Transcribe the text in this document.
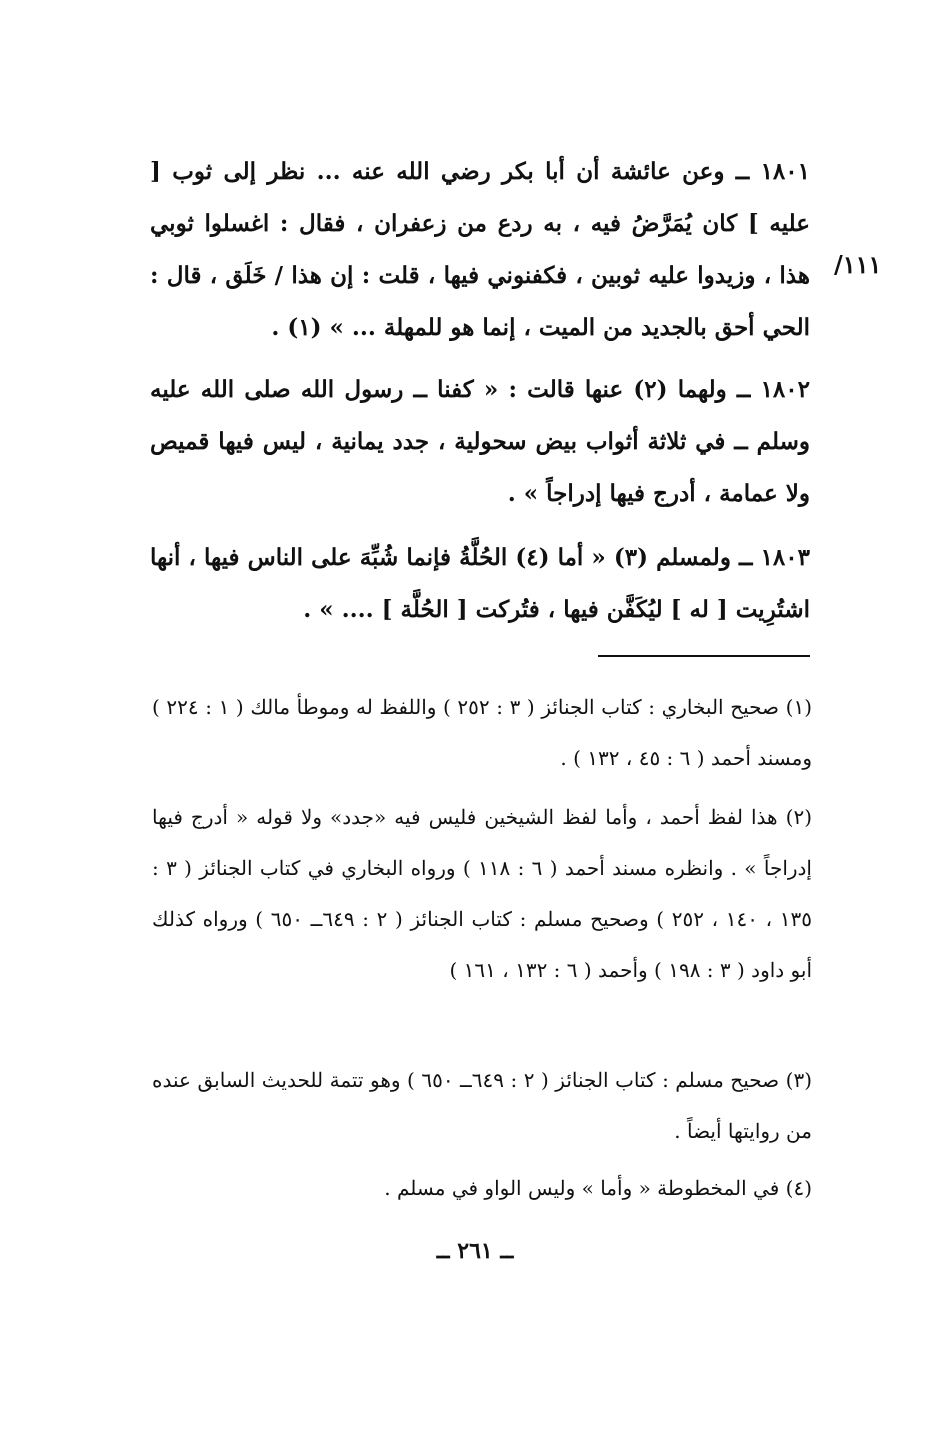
١٨٠١ ــ وعن عائشة أن أبا بكر رضي الله عنه ... نظر إلى ثوب [ عليه ] كان يُمَرَّضُ فيه ، به ردع من زعفران ، فقال : اغسلوا ثوبي هذا ، وزيدوا عليه ثوبين ، فكفنوني فيها ، قلت : إن هذا / خَلَق ، قال : الحي أحق بالجديد من الميت ، إنما هو للمهلة ... » (١) .
١١١/
١٨٠٢ ــ ولهما (٢) عنها قالت : « كفنا ــ رسول الله صلى الله عليه وسلم ــ في ثلاثة أثواب بيض سحولية ، جدد يمانية ، ليس فيها قميص ولا عمامة ، أدرج فيها إدراجاً » .
١٨٠٣ ــ ولمسلم (٣) « أما (٤) الحُلَّةُ فإنما شُبِّهَ على الناس فيها ، أنها اشتُرِيت [ له ] ليُكَفَّن فيها ، فتُركت [ الحُلَّة ] .... » .
(١) صحيح البخاري : كتاب الجنائز ( ٣ : ٢٥٢ ) واللفظ له وموطأ مالك ( ١ : ٢٢٤ ) ومسند أحمد ( ٦ : ٤٥ ، ١٣٢ ) .
(٢) هذا لفظ أحمد ، وأما لفظ الشيخين فليس فيه «جدد» ولا قوله « أدرج فيها إدراجاً » . وانظره مسند أحمد ( ٦ : ١١٨ ) ورواه البخاري في كتاب الجنائز ( ٣ : ١٣٥ ، ١٤٠ ، ٢٥٢ ) وصحيح مسلم : كتاب الجنائز ( ٢ : ٦٤٩ــ ٦٥٠ ) ورواه كذلك أبو داود ( ٣ : ١٩٨ ) وأحمد ( ٦ : ١٣٢ ، ١٦١ )
(٣) صحيح مسلم : كتاب الجنائز ( ٢ : ٦٤٩ــ ٦٥٠ ) وهو تتمة للحديث السابق عنده من روايتها أيضاً .
(٤) في المخطوطة « وأما » وليس الواو في مسلم .
ــ ٢٦١ ــ
